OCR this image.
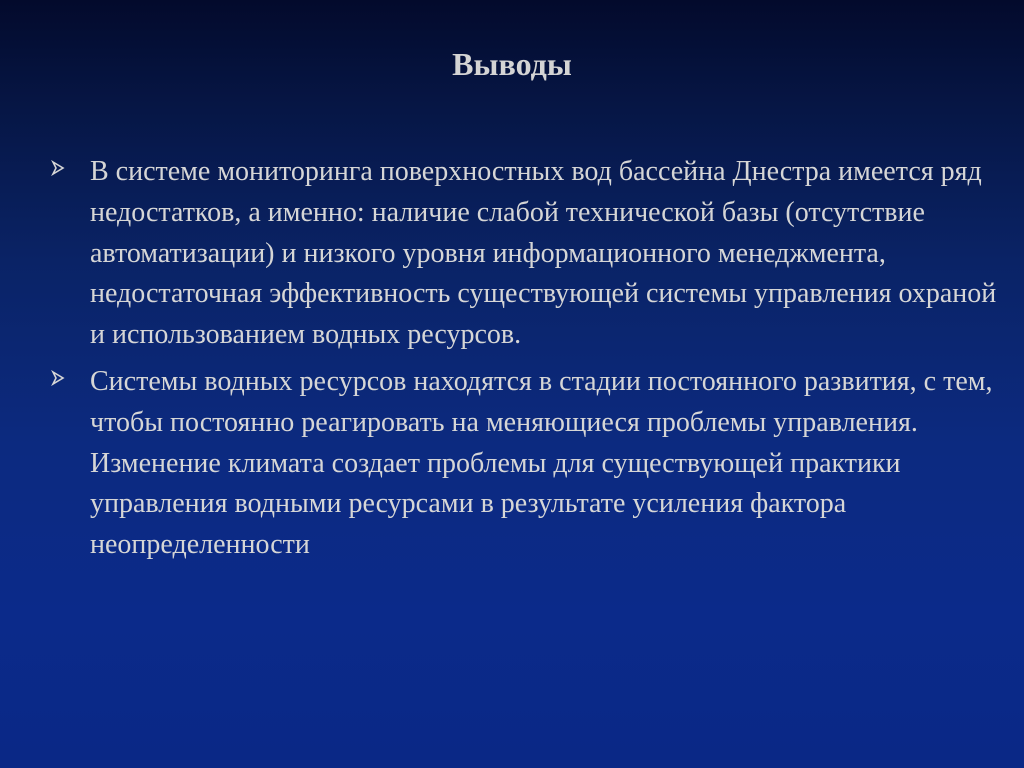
Выводы
В системе мониторинга поверхностных вод бассейна Днестра имеется ряд недостатков, а именно: наличие слабой технической базы (отсутствие автоматизации) и низкого уровня информационного менеджмента, недостаточная эффективность существующей системы управления охраной и использованием водных ресурсов.
Системы водных ресурсов находятся в стадии постоянного развития, с тем, чтобы постоянно реагировать на меняющиеся проблемы управления. Изменение климата создает проблемы для существующей практики управления водными ресурсами в результате усиления фактора неопределенности
